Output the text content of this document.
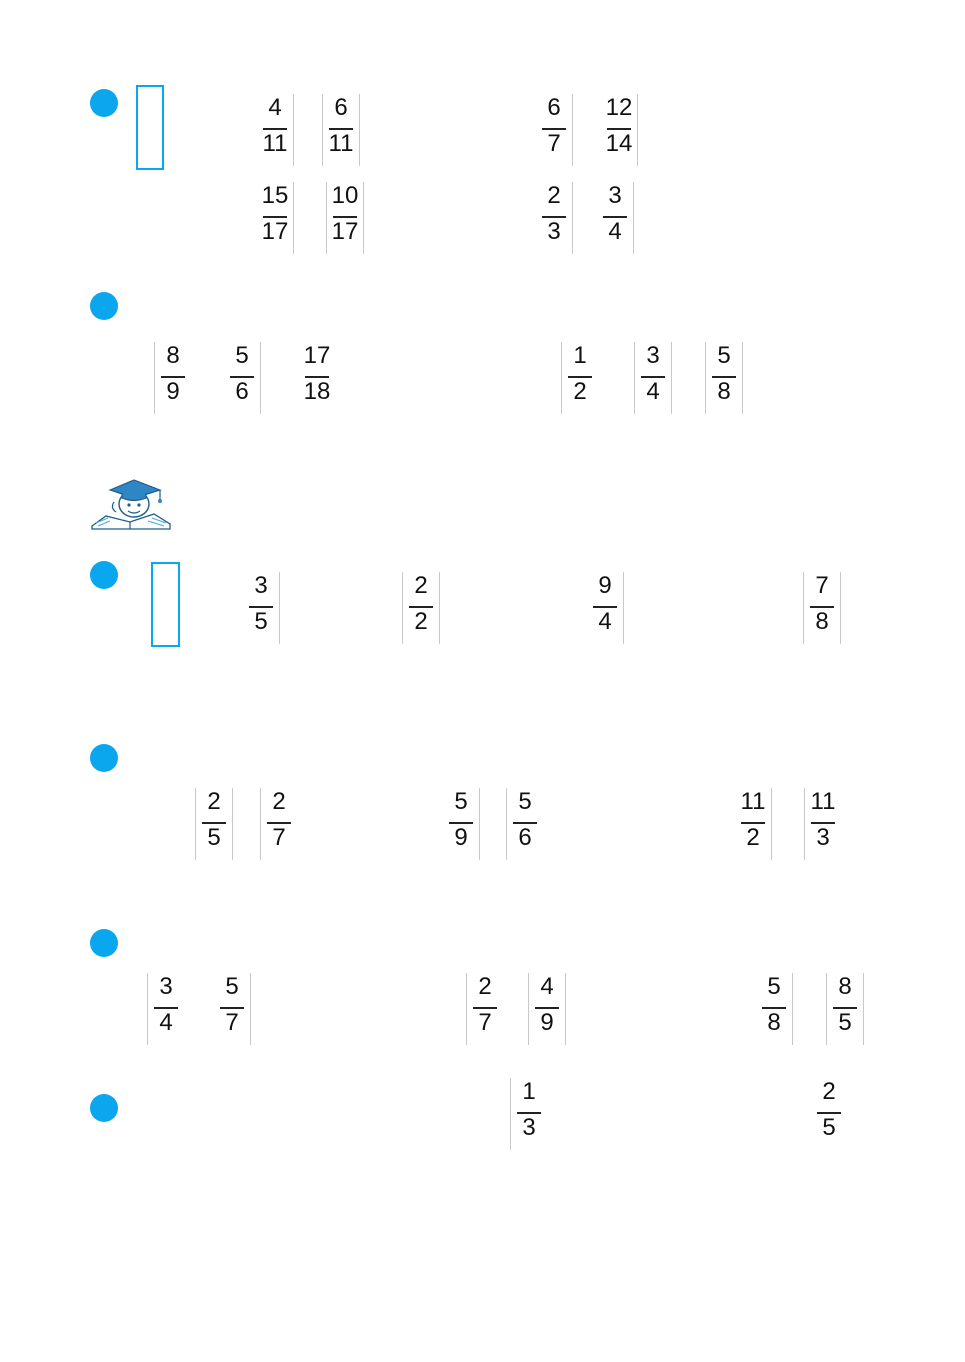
4
11
6
11
6
7
12
14
15
17
10
17
2
3
3
4
8
9
5
6
17
18
1
2
3
4
5
8
3
5
2
2
9
4
7
8
2
5
2
7
5
9
5
6
11
2
11
3
3
4
5
7
2
7
4
9
5
8
8
5
1
3
2
5
